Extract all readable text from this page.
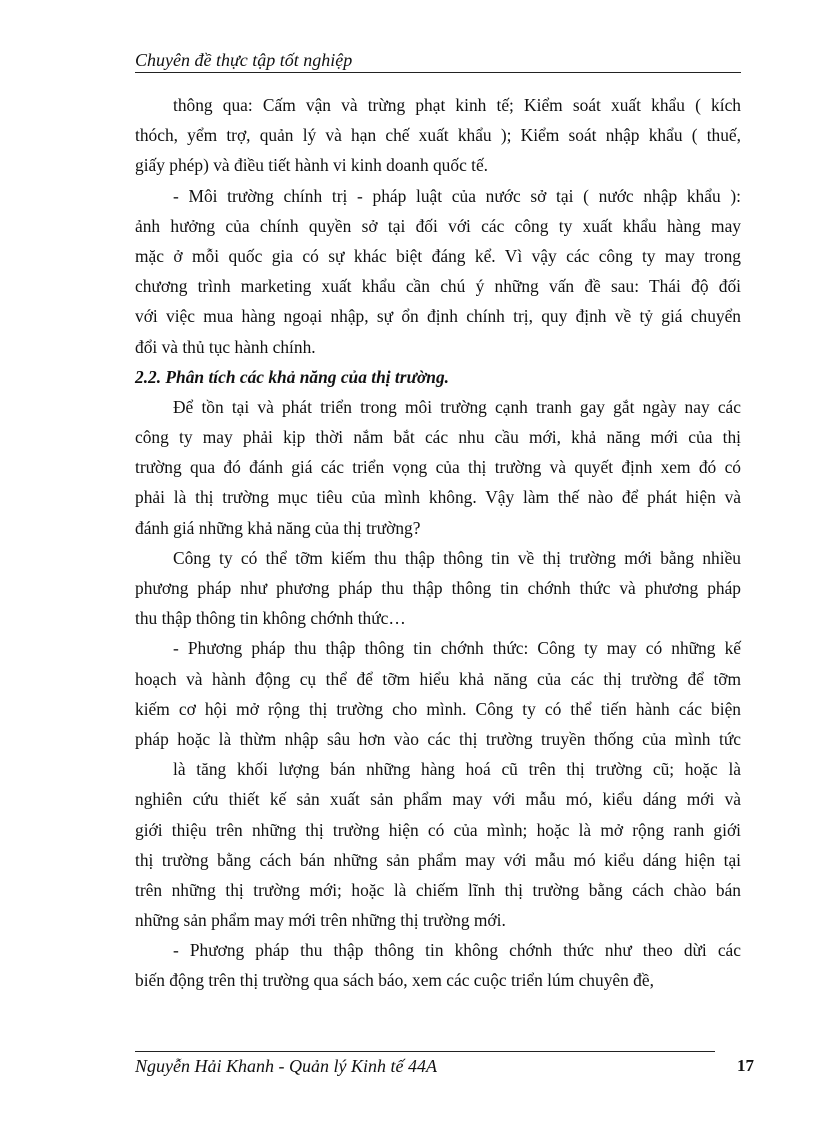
Chuyên đề thực tập tốt nghiệp
thông qua: Cấm vận và trừng phạt kinh tế; Kiểm soát xuất khẩu ( kích
thóch, yểm trợ, quản lý và hạn chế xuất khẩu ); Kiểm soát nhập khẩu ( thuế,
giấy phép) và điều tiết hành vi kinh doanh quốc tế.
- Môi trường chính trị - pháp luật của nước sở tại ( nước nhập khẩu ):
ảnh hưởng của chính quyền sở tại đối với các công ty xuất khẩu hàng may
mặc ở mỗi quốc gia có sự khác biệt đáng kể. Vì vậy các công ty may trong
chương trình marketing xuất khẩu cần chú ý những vấn đề sau: Thái độ đối
với việc mua hàng ngoại nhập, sự ổn định chính trị, quy định về tỷ giá chuyển
đổi và thủ tục hành chính.
2.2. Phân tích các khả năng của thị trường.
Để tồn tại và phát triển trong môi trường cạnh tranh gay gắt ngày nay các
công ty may phải kịp thời nắm bắt các nhu cầu mới, khả năng mới của thị
trường qua đó đánh giá các triển vọng của thị trường và quyết định xem đó có
phải là thị trường mục tiêu của mình không. Vậy làm thế nào để phát hiện và
đánh giá những khả năng của thị trường?
Công ty có thể tỡm kiếm thu thập thông tin về thị trường mới bằng nhiều
phương pháp như phương pháp thu thập thông tin chớnh thức và phương pháp
thu thập thông tin không chớnh thức…
- Phương pháp thu thập thông tin chớnh thức: Công ty may có những kế
hoạch và hành động cụ thể để tỡm hiểu khả năng của các thị trường để tỡm
kiếm cơ hội mở rộng thị trường cho mình. Công ty có thể tiến hành các biện
pháp hoặc là thừm nhập sâu hơn vào các thị trường truyền thống của mình tức
là tăng khối lượng bán những hàng hoá cũ trên thị trường cũ; hoặc là
nghiên cứu thiết kế sản xuất sản phẩm may với mẫu mó, kiểu dáng mới và
giới thiệu trên những thị trường hiện có của mình; hoặc là mở rộng ranh giới
thị trường bằng cách bán những sản phẩm may với mẫu mó kiểu dáng hiện tại
trên những thị trường mới; hoặc là chiếm lĩnh thị trường bằng cách chào bán
những sản phẩm may mới trên những thị trường mới.
- Phương pháp thu thập thông tin không chớnh thức như theo dừi các
biến động trên thị trường qua sách báo, xem các cuộc triển lúm chuyên đề,
Nguyễn Hải Khanh - Quản lý Kinh tế 44A	17
